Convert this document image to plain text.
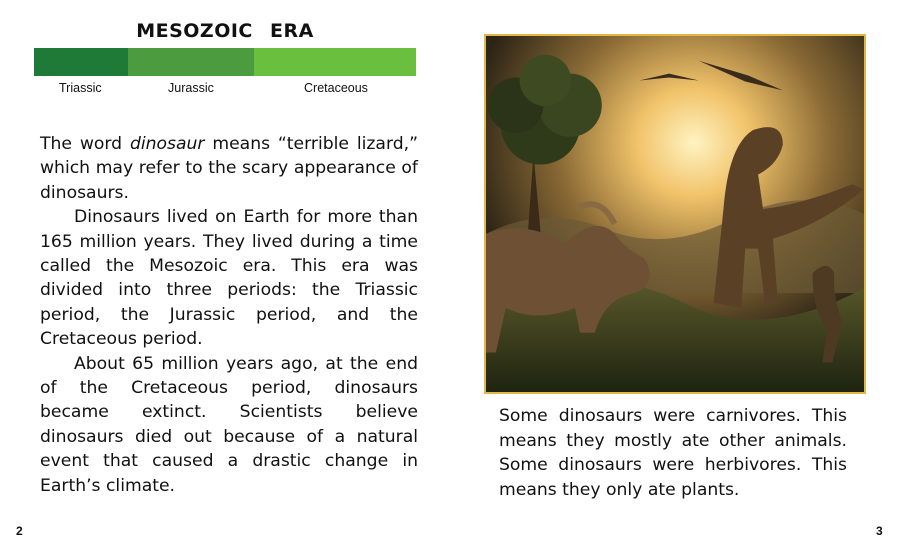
MESOZOIC ERA
Triassic	Jurassic	Cretaceous

The word dinosaur means “terrible lizard,” which may refer to the scary appearance of dinosaurs.

Dinosaurs lived on Earth for more than 165 million years. They lived during a time called the Mesozoic era. This era was divided into three periods: the Triassic period, the Jurassic period, and the Cretaceous period.

About 65 million years ago, at the end of the Cretaceous period, dinosaurs became extinct. Scientists believe dinosaurs died out because of a natural event that caused a drastic change in Earth’s climate.

2
Some dinosaurs were carnivores. This means they mostly ate other animals. Some dinosaurs were herbivores. This means they only ate plants.
3
